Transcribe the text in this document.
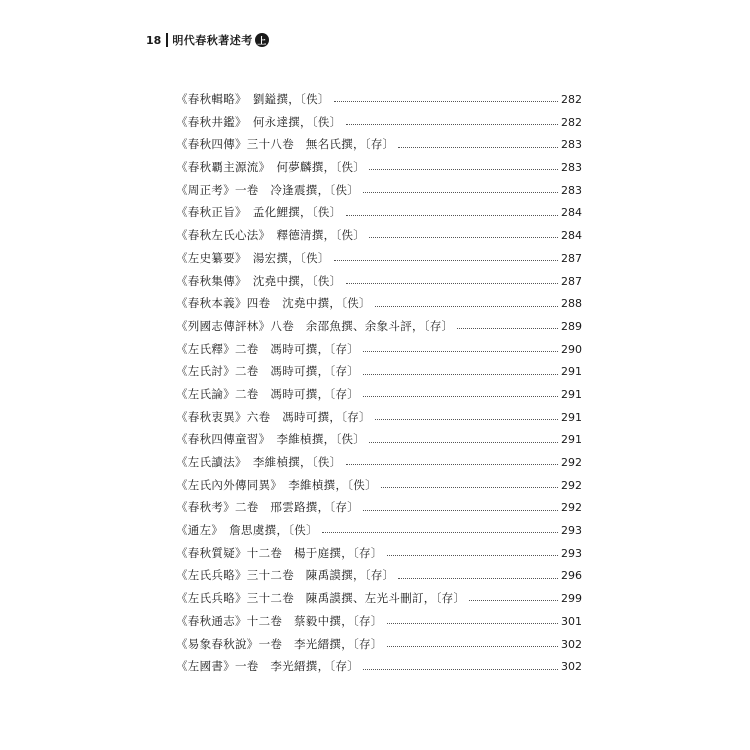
18 明代春秋著述考 上
《春秋輯略》　劉鎰撰，〔佚〕	282
《春秋井鑑》　何永達撰，〔佚〕	282
《春秋四傳》三十八卷　無名氏撰，〔存〕	283
《春秋覇主源流》　何夢麟撰，〔佚〕	283
《周正考》一卷　冷逢震撰，〔佚〕	283
《春秋正旨》　孟化鯉撰，〔佚〕	284
《春秋左氏心法》　釋德清撰，〔佚〕	284
《左史纂要》　湯宏撰，〔佚〕	287
《春秋集傳》　沈堯中撰，〔佚〕	287
《春秋本義》四卷　沈堯中撰，〔佚〕	288
《列國志傳評林》八卷　余邵魚撰、余象斗評，〔存〕	289
《左氏釋》二卷　馮時可撰，〔存〕	290
《左氏討》二卷　馮時可撰，〔存〕	291
《左氏論》二卷　馮時可撰，〔存〕	291
《春秋衷異》六卷　馮時可撰，〔存〕	291
《春秋四傳童習》　李維楨撰，〔佚〕	291
《左氏讀法》　李維楨撰，〔佚〕	292
《左氏內外傳同異》　李維楨撰，〔佚〕	292
《春秋考》二卷　邢雲路撰，〔存〕	292
《通左》　詹思虞撰，〔佚〕	293
《春秋質疑》十二卷　楊于庭撰，〔存〕	293
《左氏兵略》三十二卷　陳禹謨撰，〔存〕	296
《左氏兵略》三十二卷　陳禹謨撰、左光斗刪訂，〔存〕	299
《春秋通志》十二卷　蔡毅中撰，〔存〕	301
《易象春秋說》一卷　李光縉撰，〔存〕	302
《左國書》一卷　李光縉撰，〔存〕	302
